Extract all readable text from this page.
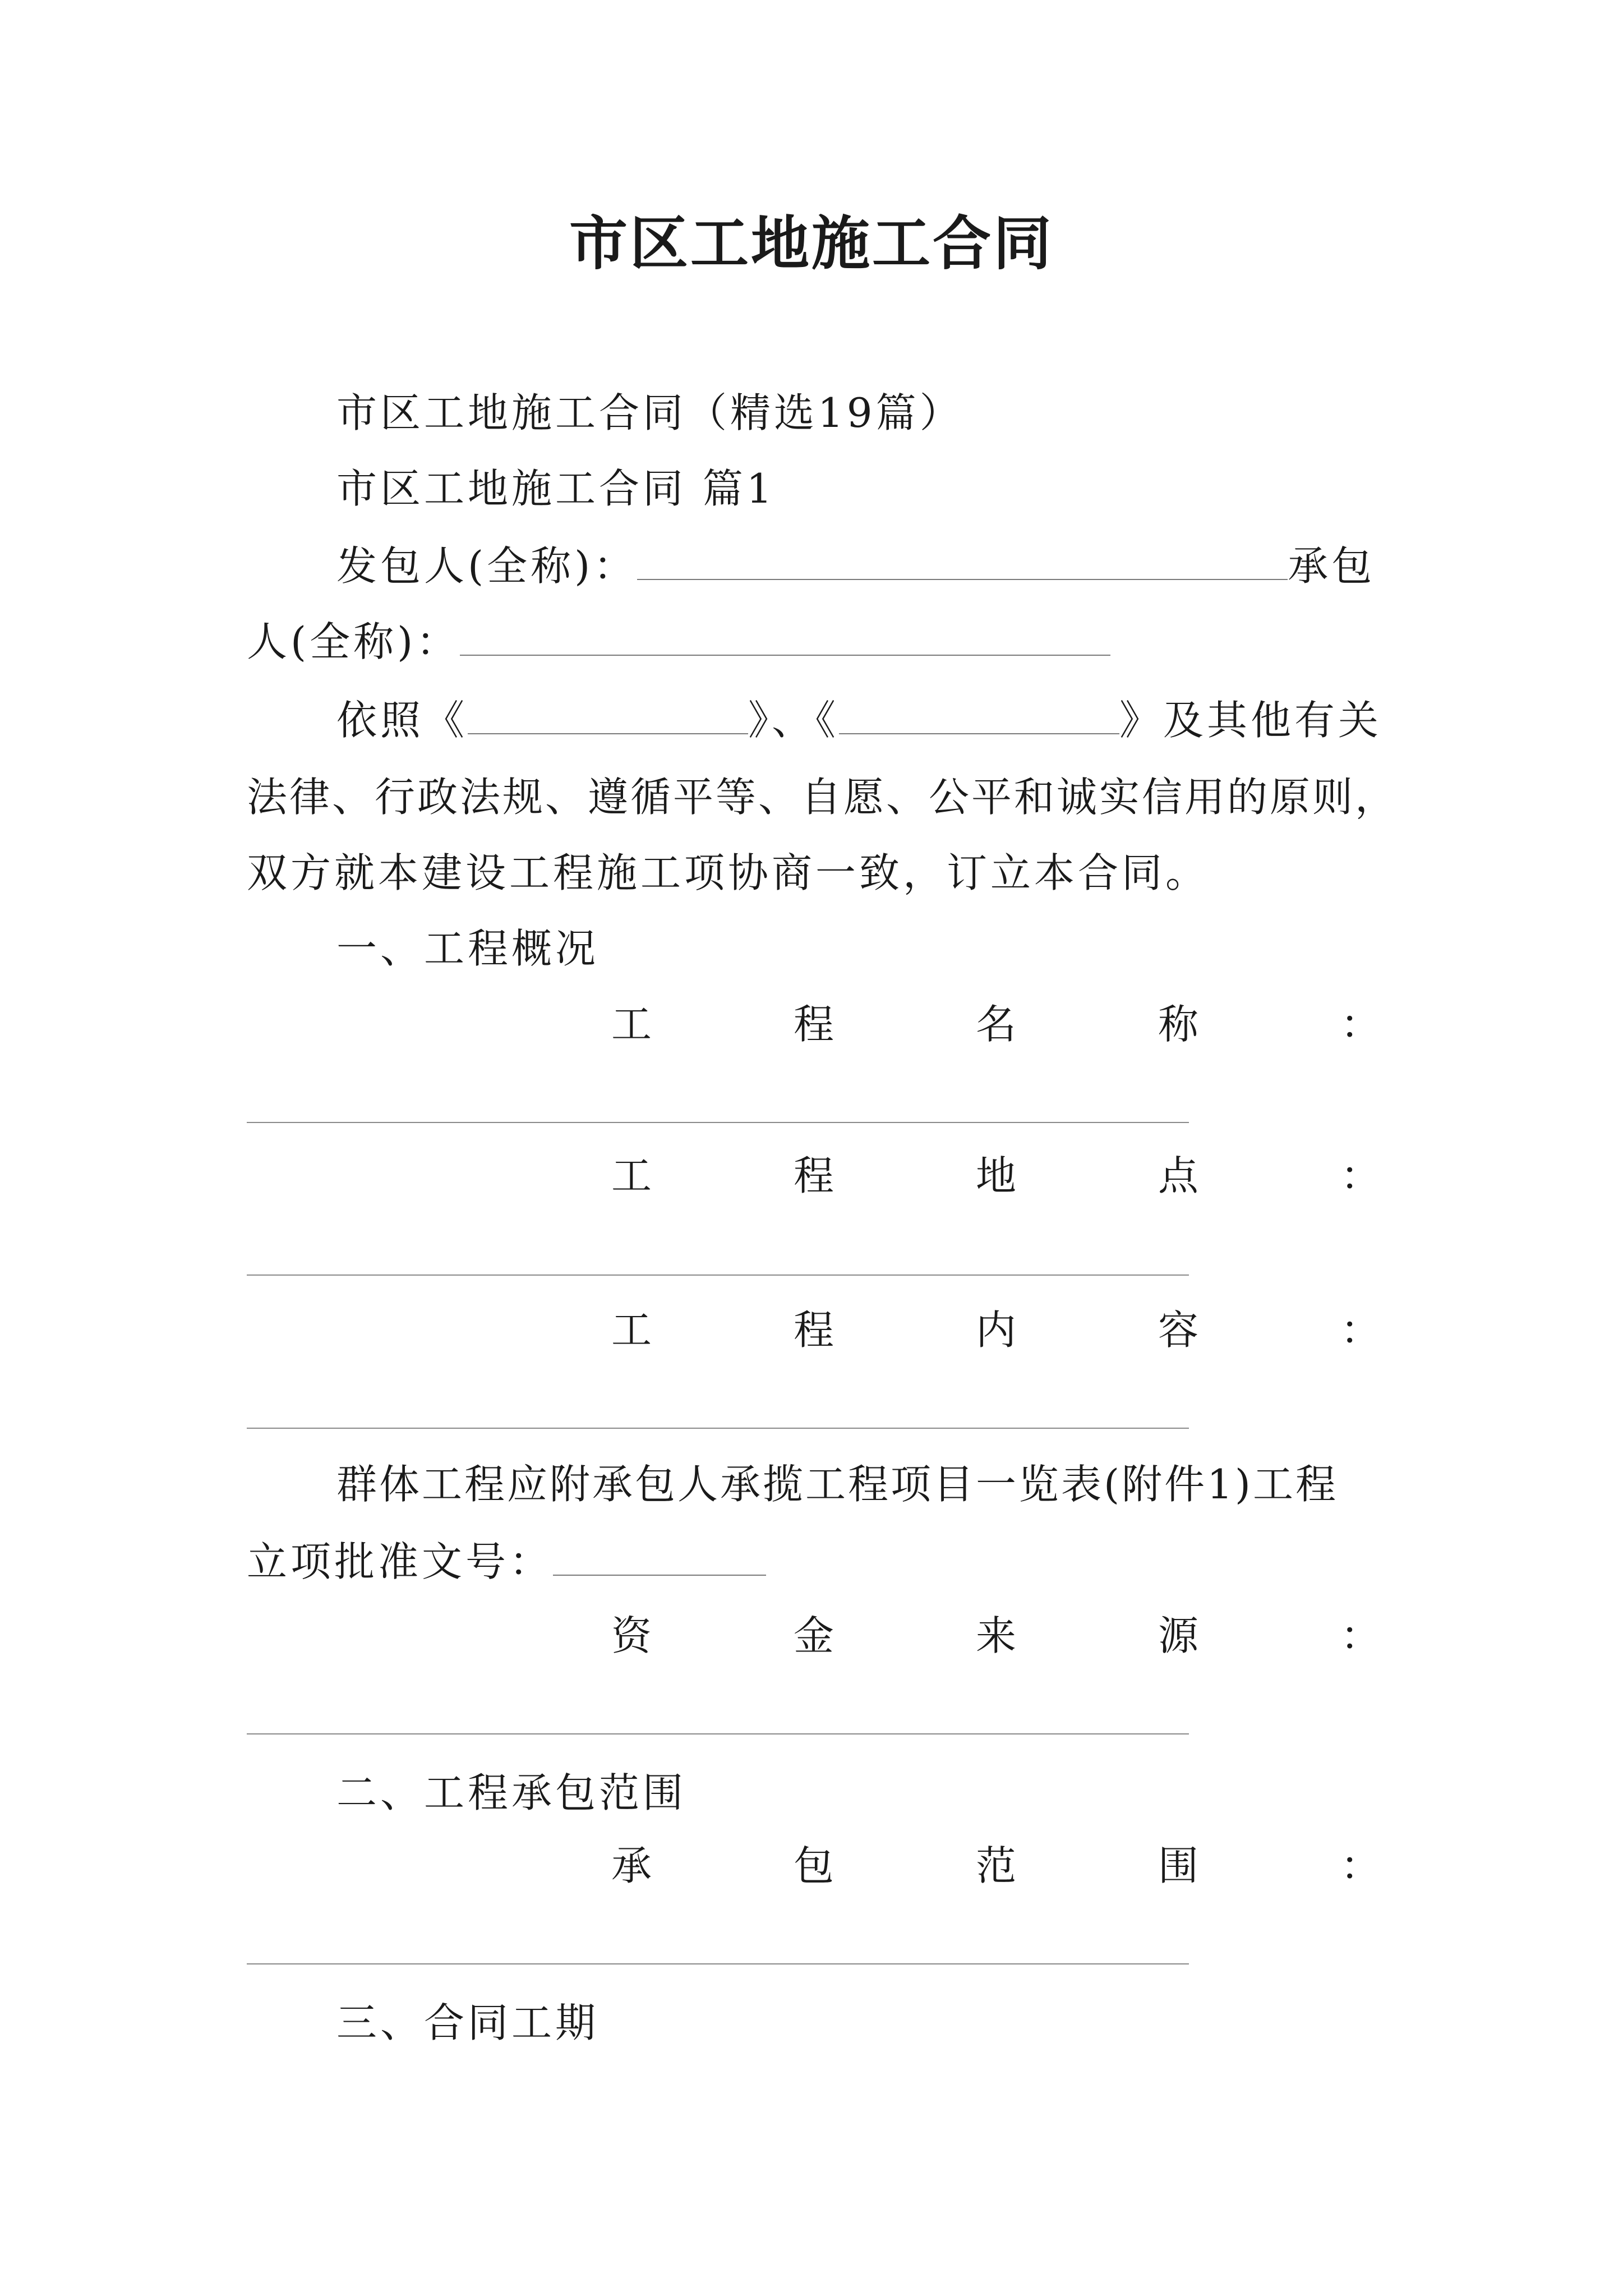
市区工地施工合同
市区工地施工合同（精选19篇）
市区工地施工合同 篇1
发包人(全称)：	承包
人(全称)：
依照《	》、《	》及其他有关
法律、行政法规、遵循平等、自愿、公平和诚实信用的原则，
双方就本建设工程施工项协商一致，订立本合同。
一、工程概况
工	程	名	称	：
工	程	地	点	：
工	程	内	容	：
群体工程应附承包人承揽工程项目一览表(附件1)工程
立项批准文号：
资	金	来	源	：
二、工程承包范围
承	包	范	围	：
三、合同工期
